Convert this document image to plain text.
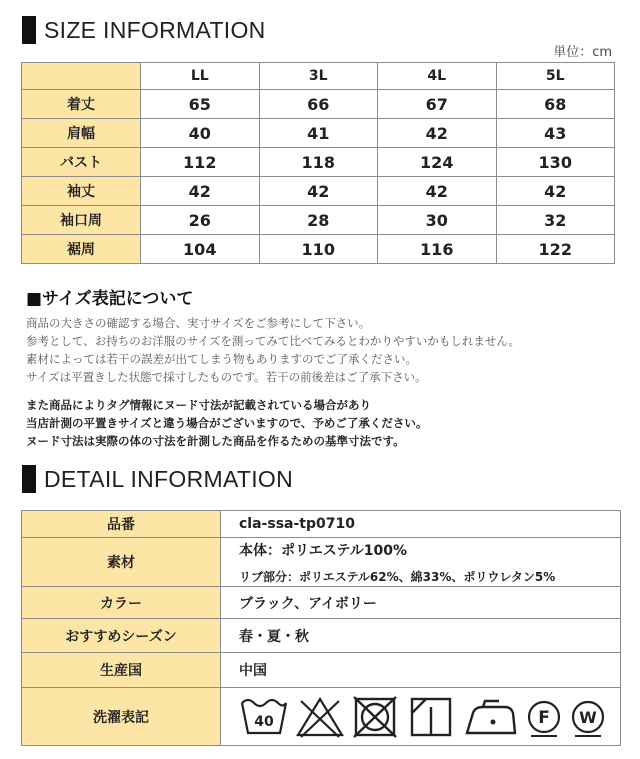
SIZE INFORMATION
単位：cm
	LL	3L	4L	5L
着丈	65	66	67	68
肩幅	40	41	42	43
バスト	112	118	124	130
袖丈	42	42	42	42
袖口周	26	28	30	32
裾周	104	110	116	122
■サイズ表記について
商品の大きさの確認する場合、実寸サイズをご参考にして下さい。
参考として、お持ちのお洋服のサイズを測ってみて比べてみるとわかりやすいかもしれません。
素材によっては若干の誤差が出てしまう物もありますのでご了承ください。
サイズは平置きした状態で採寸したものです。若干の前後差はご了承下さい。
また商品によりタグ情報にヌード寸法が記載されている場合があり
当店計測の平置きサイズと違う場合がございますので、予めご了承ください。
ヌード寸法は実際の体の寸法を計測した商品を作るための基準寸法です。
DETAIL INFORMATION
品番	cla-ssa-tp0710
素材	本体：ポリエステル100%
リブ部分：ポリエステル62%、綿33%、ポリウレタン5%

カラー	ブラック、アイボリー
おすすめシーズン	春・夏・秋
生産国	中国
洗濯表記	40 F W
